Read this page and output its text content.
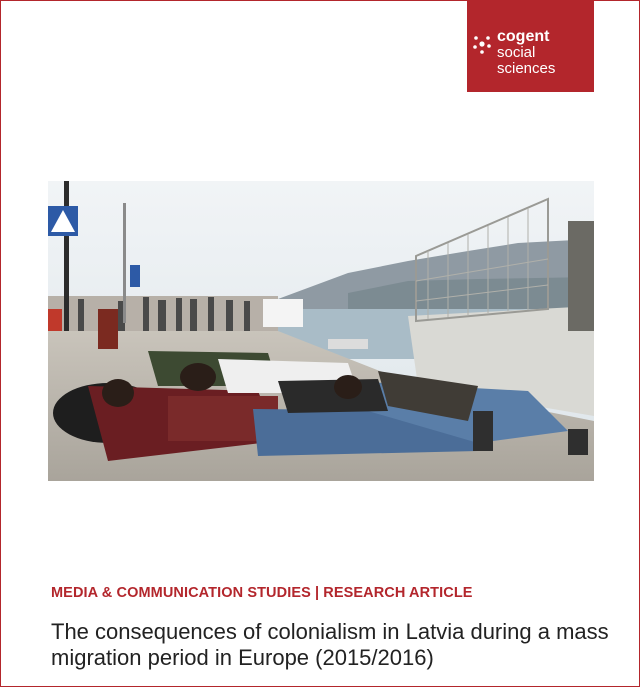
cogent
social
sciences
MEDIA & COMMUNICATION STUDIES | RESEARCH ARTICLE
The consequences of colonialism in Latvia during a mass migration period in Europe (2015/2016)
